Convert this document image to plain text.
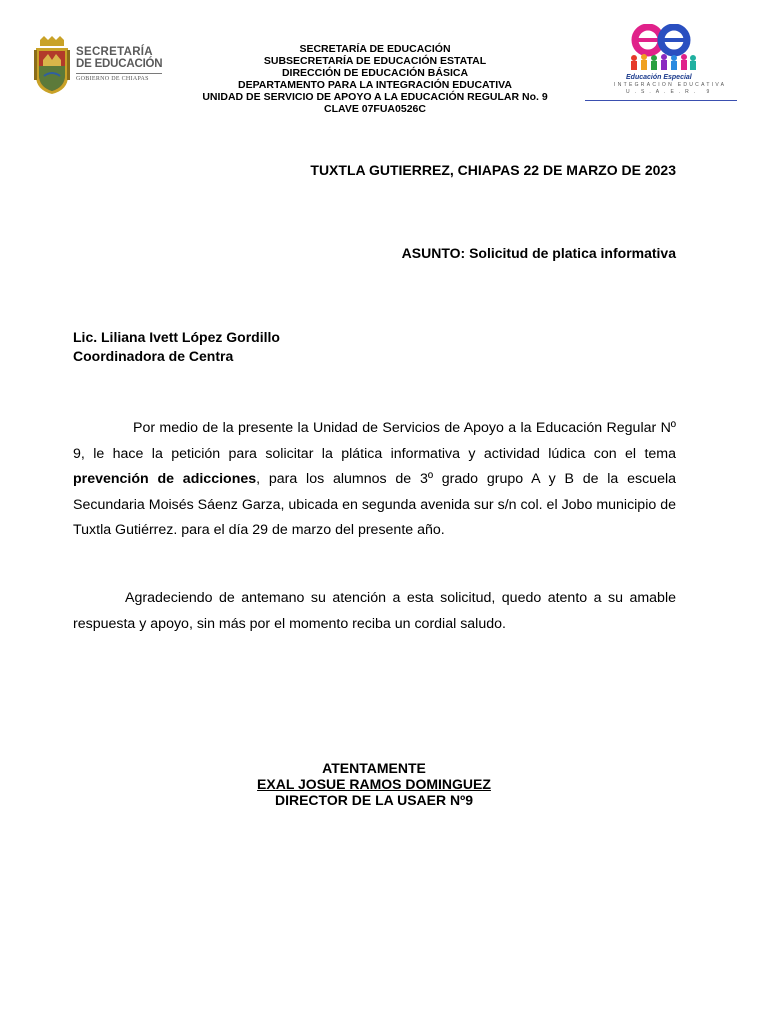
SECRETARÍA
DE EDUCACIÓN
GOBIERNO DE CHIAPAS
SECRETARÍA DE EDUCACIÓN
SUBSECRETARÍA DE EDUCACIÓN ESTATAL
DIRECCIÓN DE EDUCACIÓN BÁSICA
DEPARTAMENTO PARA LA INTEGRACIÓN EDUCATIVA
UNIDAD DE SERVICIO DE APOYO A LA EDUCACIÓN REGULAR No. 9
CLAVE 07FUA0526C
Educación Especial
INTEGRACION EDUCATIVA
U.S.A.E.R. 9
TUXTLA GUTIERREZ, CHIAPAS 22 DE MARZO DE 2023
ASUNTO: Solicitud de platica informativa
Lic. Liliana Ivett López Gordillo
Coordinadora de Centra
Por medio de la presente la Unidad de Servicios de Apoyo a la Educación Regular Nº 9, le hace la petición para solicitar la plática informativa y actividad lúdica con el tema prevención de adicciones, para los alumnos de 3º grado grupo A y B de la escuela Secundaria Moisés Sáenz Garza, ubicada en segunda avenida sur s/n col. el Jobo municipio de Tuxtla Gutiérrez. para el día 29 de marzo del presente año.
Agradeciendo de antemano su atención a esta solicitud, quedo atento a su amable respuesta y apoyo, sin más por el momento reciba un cordial saludo.
ATENTAMENTE
EXAL JOSUE RAMOS DOMINGUEZ
DIRECTOR DE LA USAER Nº9
